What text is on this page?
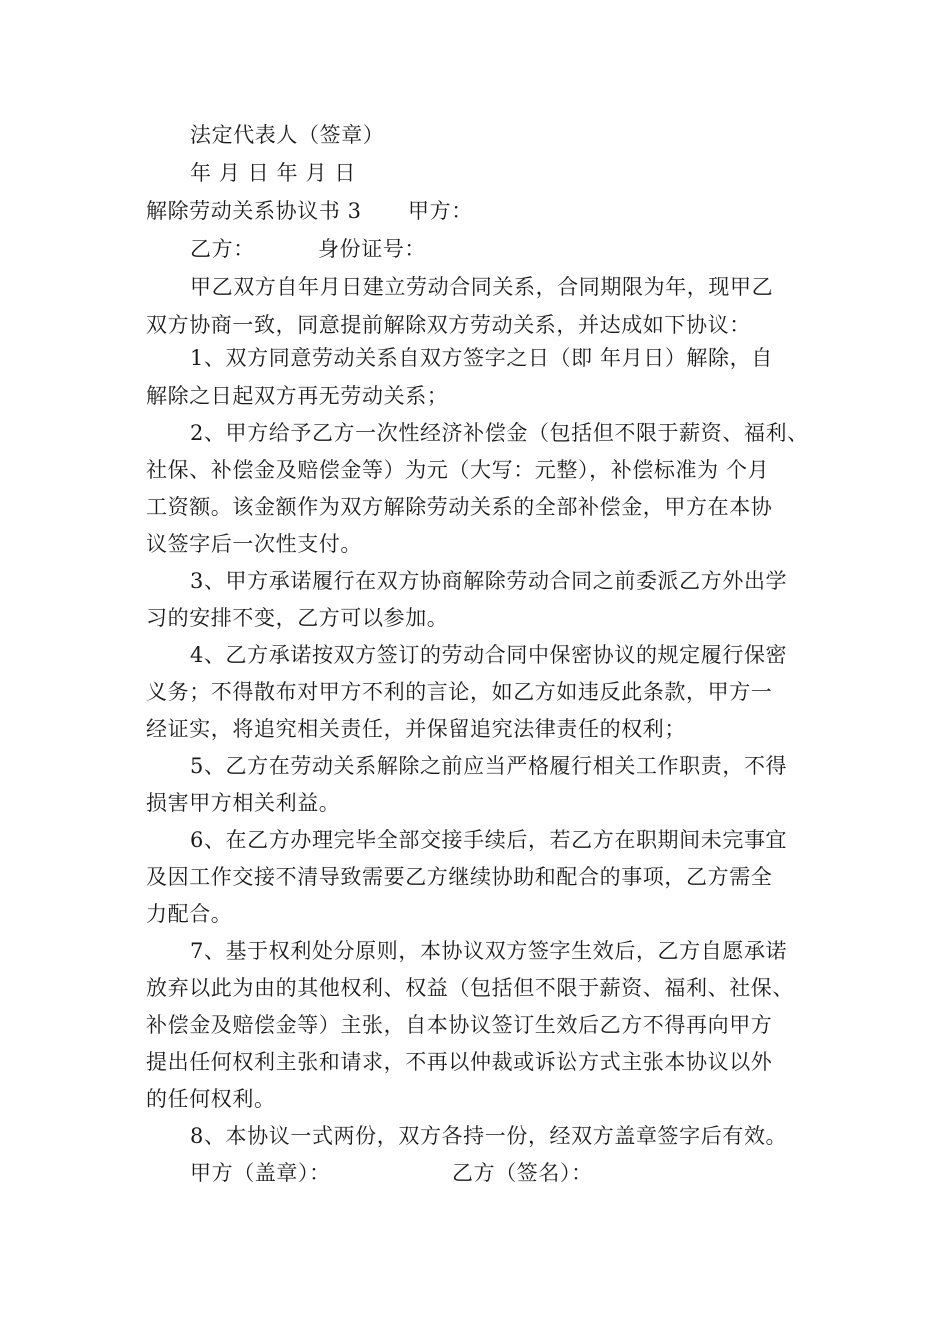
法定代表人（签章）
年 月 日 年 月 日
解除劳动关系协议书 3 甲方：
乙方：	身份证号：
甲乙双方自年月日建立劳动合同关系，合同期限为年，现甲乙
双方协商一致，同意提前解除双方劳动关系，并达成如下协议：
1、双方同意劳动关系自双方签字之日（即 年月日）解除，自
解除之日起双方再无劳动关系；
2、甲方给予乙方一次性经济补偿金（包括但不限于薪资、福利、
社保、补偿金及赔偿金等）为元（大写：元整），补偿标准为 个月
工资额。该金额作为双方解除劳动关系的全部补偿金，甲方在本协
议签字后一次性支付。
3、甲方承诺履行在双方协商解除劳动合同之前委派乙方外出学
习的安排不变，乙方可以参加。
4、乙方承诺按双方签订的劳动合同中保密协议的规定履行保密
义务；不得散布对甲方不利的言论，如乙方如违反此条款，甲方一
经证实，将追究相关责任，并保留追究法律责任的权利；
5、乙方在劳动关系解除之前应当严格履行相关工作职责，不得
损害甲方相关利益。
6、在乙方办理完毕全部交接手续后，若乙方在职期间未完事宜
及因工作交接不清导致需要乙方继续协助和配合的事项，乙方需全
力配合。
7、基于权利处分原则，本协议双方签字生效后，乙方自愿承诺
放弃以此为由的其他权利、权益（包括但不限于薪资、福利、社保、
补偿金及赔偿金等）主张，自本协议签订生效后乙方不得再向甲方
提出任何权利主张和请求，不再以仲裁或诉讼方式主张本协议以外
的任何权利。
8、本协议一式两份，双方各持一份，经双方盖章签字后有效。
甲方（盖章）：	乙方（签名）：
